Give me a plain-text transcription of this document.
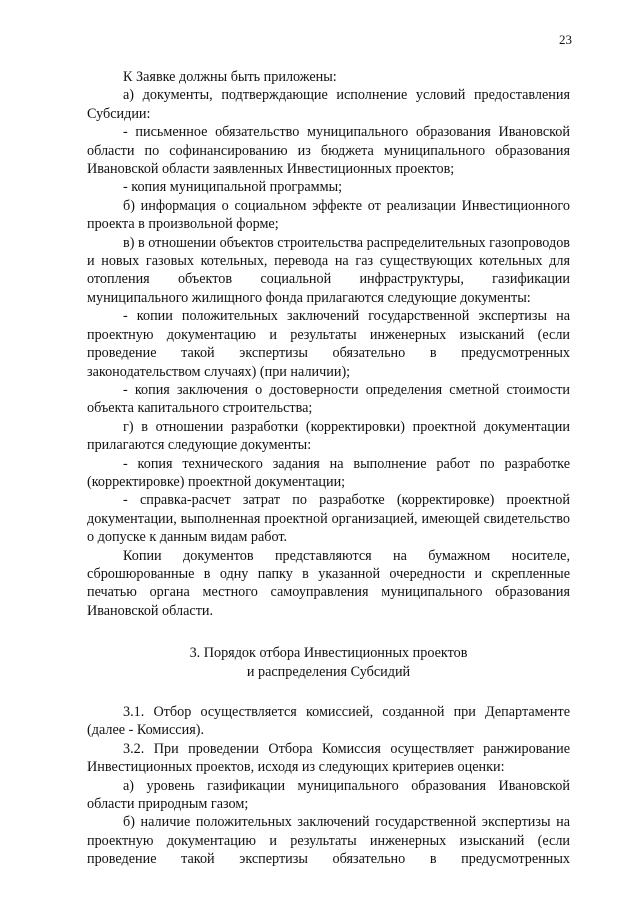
23

К Заявке должны быть приложены:

а) документы, подтверждающие исполнение условий предоставления Субсидии:

- письменное обязательство муниципального образования Ивановской области по софинансированию из бюджета муниципального образования Ивановской области заявленных Инвестиционных проектов;

- копия муниципальной программы;

б) информация о социальном эффекте от реализации Инвестиционного проекта в произвольной форме;

в) в отношении объектов строительства распределительных газопроводов и новых газовых котельных, перевода на газ существующих котельных для отопления объектов социальной инфраструктуры, газификации муниципального жилищного фонда прилагаются следующие документы:

- копии положительных заключений государственной экспертизы на проектную документацию и результаты инженерных изысканий (если проведение такой экспертизы обязательно в предусмотренных законодательством случаях) (при наличии);

- копия заключения о достоверности определения сметной стоимости объекта капитального строительства;

г) в отношении разработки (корректировки) проектной документации прилагаются следующие документы:

- копия технического задания на выполнение работ по разработке (корректировке) проектной документации;

- справка-расчет затрат по разработке (корректировке) проектной документации, выполненная проектной организацией, имеющей свидетельство о допуске к данным видам работ.

Копии документов представляются на бумажном носителе, сброшюрованные в одну папку в указанной очередности и скрепленные печатью органа местного самоуправления муниципального образования Ивановской области.

3. Порядок отбора Инвестиционных проектов
и распределения Субсидий

3.1. Отбор осуществляется комиссией, созданной при Департаменте (далее - Комиссия).

3.2. При проведении Отбора Комиссия осуществляет ранжирование Инвестиционных проектов, исходя из следующих критериев оценки:

а) уровень газификации муниципального образования Ивановской области природным газом;

б) наличие положительных заключений государственной экспертизы на проектную документацию и результаты инженерных изысканий (если проведение такой экспертизы обязательно в предусмотренных
